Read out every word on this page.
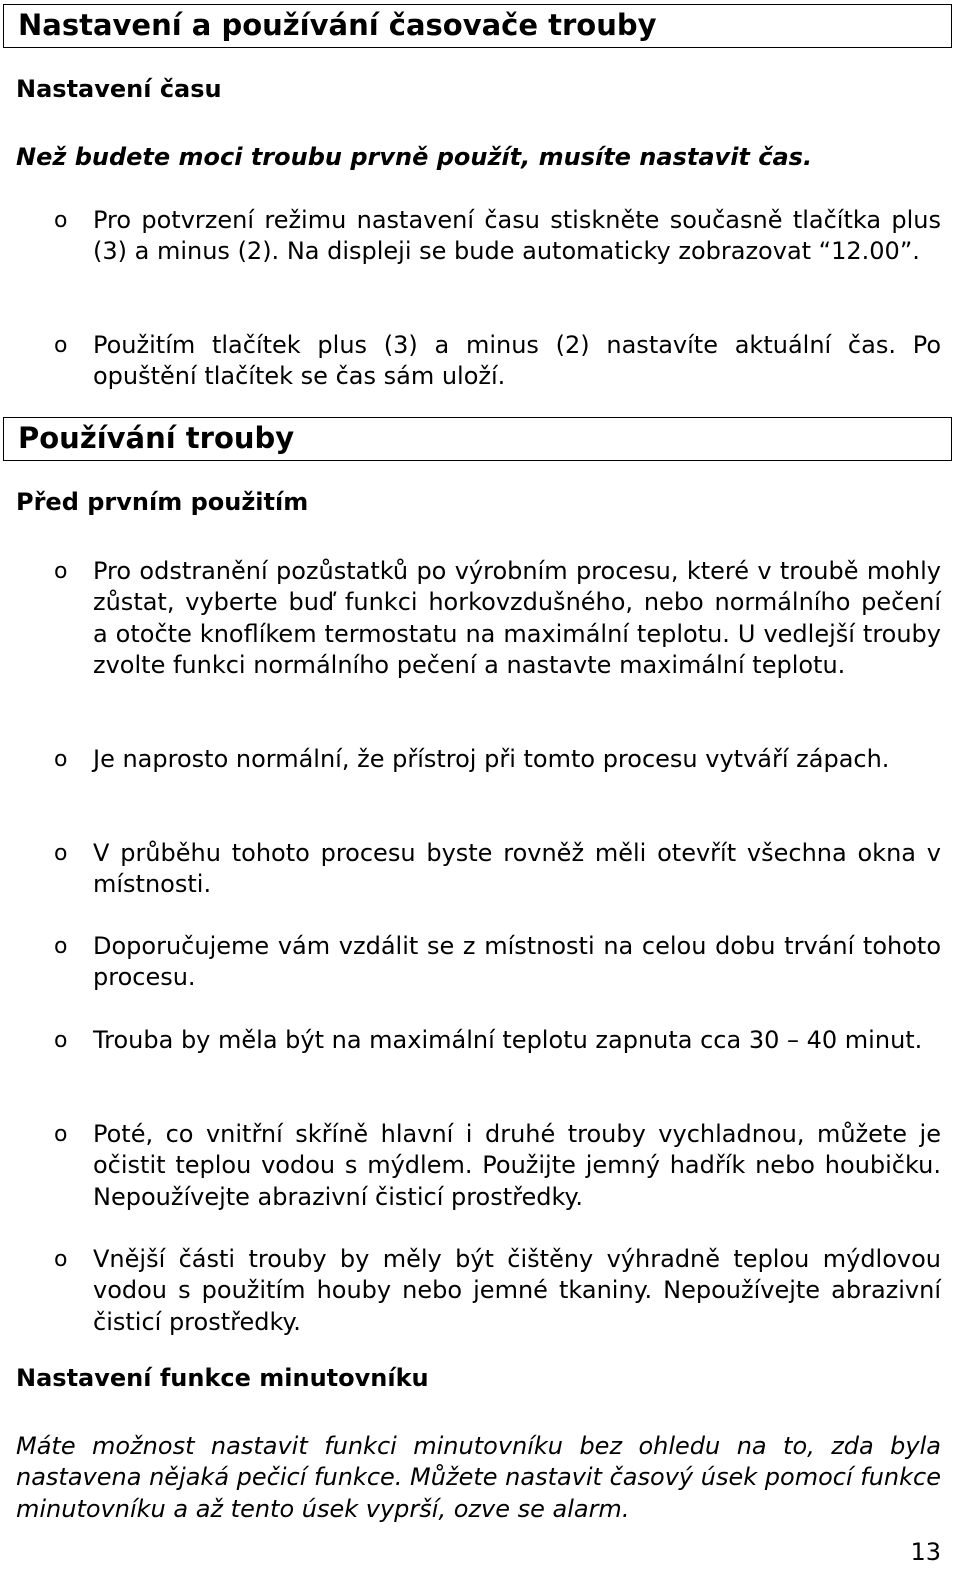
Nastavení a používání časovače trouby
Nastavení času
Než budete moci troubu prvně použít, musíte nastavit čas.
o Pro potvrzení režimu nastavení času stiskněte současně tlačítka plus (3) a minus (2). Na displeji se bude automaticky zobrazovat “12.00”.
o Použitím tlačítek plus (3) a minus (2) nastavíte aktuální čas. Po opuštění tlačítek se čas sám uloží.
Používání trouby
Před prvním použitím
o Pro odstranění pozůstatků po výrobním procesu, které v troubě mohly zůstat, vyberte buď funkci horkovzdušného, nebo normálního pečení a otočte knoflíkem termostatu na maximální teplotu. U vedlejší trouby zvolte funkci normálního pečení a nastavte maximální teplotu.
o Je naprosto normální, že přístroj při tomto procesu vytváří zápach.
o V průběhu tohoto procesu byste rovněž měli otevřít všechna okna v místnosti.
o Doporučujeme vám vzdálit se z místnosti na celou dobu trvání tohoto procesu.
o Trouba by měla být na maximální teplotu zapnuta cca 30 – 40 minut.
o Poté, co vnitřní skříně hlavní i druhé trouby vychladnou, můžete je očistit teplou vodou s mýdlem. Použijte jemný hadřík nebo houbičku. Nepoužívejte abrazivní čisticí prostředky.
o Vnější části trouby by měly být čištěny výhradně teplou mýdlovou vodou s použitím houby nebo jemné tkaniny. Nepoužívejte abrazivní čisticí prostředky.
Nastavení funkce minutovníku
Máte možnost nastavit funkci minutovníku bez ohledu na to, zda byla nastavena nějaká pečicí funkce. Můžete nastavit časový úsek pomocí funkce minutovníku a až tento úsek vyprší, ozve se alarm.
13
